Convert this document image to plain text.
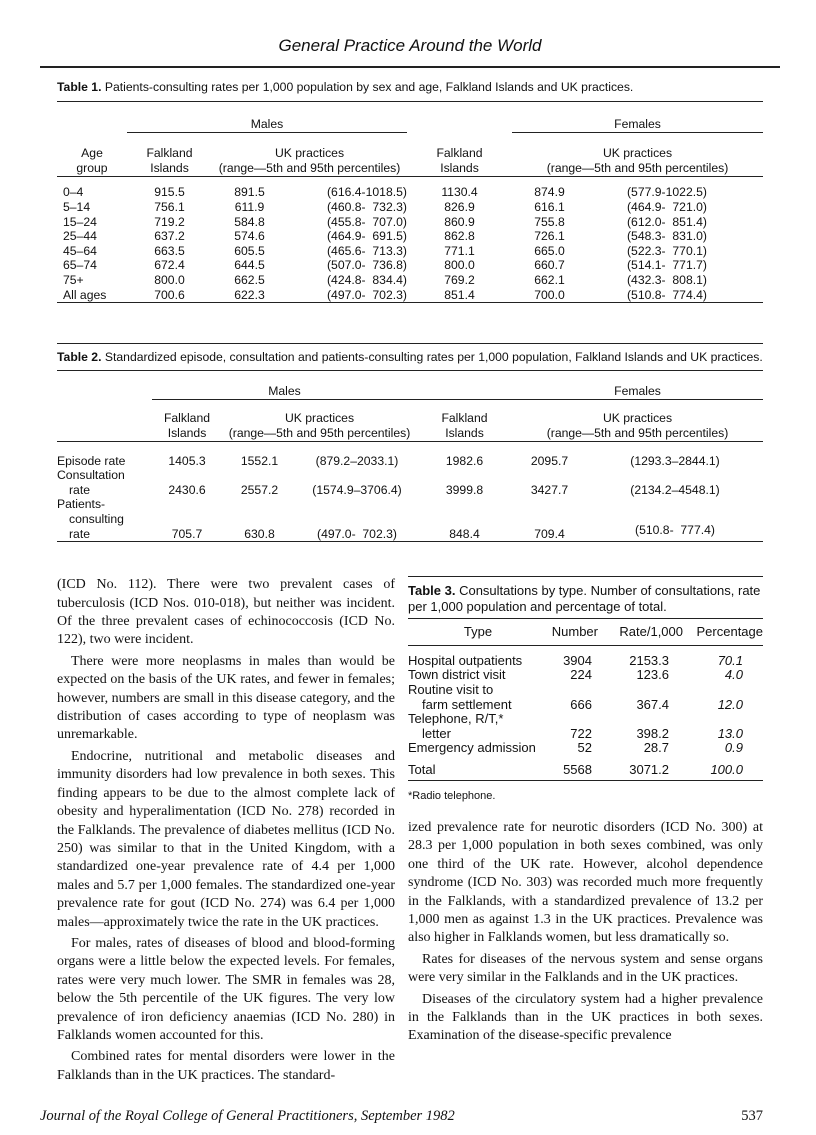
General Practice Around the World
Table 1. Patients-consulting rates per 1,000 population by sex and age, Falkland Islands and UK practices.
	Males				Females	
Age
group	Falkland
Islands	UK practices
(range—5th and 95th percentiles)		Falkland
Islands	UK practices
(range—5th and 95th percentiles)	
0–4	915.5	891.5	(616.4-1018.5)	1130.4	874.9	(577.9-1022.5)
5–14	756.1	611.9	(460.8-  732.3)	826.9	616.1	(464.9-  721.0)
15–24	719.2	584.8	(455.8-  707.0)	860.9	755.8	(612.0-  851.4)
25–44	637.2	574.6	(464.9-  691.5)	862.8	726.1	(548.3-  831.0)
45–64	663.5	605.5	(465.6-  713.3)	771.1	665.0	(522.3-  770.1)
65–74	672.4	644.5	(507.0-  736.8)	800.0	660.7	(514.1-  771.7)
75+	800.0	662.5	(424.8-  834.4)	769.2	662.1	(432.3-  808.1)
All ages	700.6	622.3	(497.0-  702.3)	851.4	700.0	(510.8-  774.4)
Table 2. Standardized episode, consultation and patients-consulting rates per 1,000 population, Falkland Islands and UK practices.
	Males				Females	
	Falkland
Islands	UK practices
(range—5th and 95th percentiles)		Falkland
Islands	UK practices
(range—5th and 95th percentiles)	
Episode rate	1405.3	1552.1	(879.2–2033.1)	1982.6	2095.7	(1293.3–2844.1)
Consultation
rate	2430.6	2557.2	(1574.9–3706.4)	3999.8	3427.7	(2134.2–4548.1)
Patients-
consulting
rate	705.7	630.8	(497.0-  702.3)	848.4	709.4	(510.8-  777.4)

(ICD No. 112). There were two prevalent cases of tuberculosis (ICD Nos. 010-018), but neither was incident. Of the three prevalent cases of echinococcosis (ICD No. 122), two were incident.

There were more neoplasms in males than would be expected on the basis of the UK rates, and fewer in females; however, numbers are small in this disease category, and the distribution of cases according to type of neoplasm was unremarkable.

Endocrine, nutritional and metabolic diseases and immunity disorders had low prevalence in both sexes. This finding appears to be due to the almost complete lack of obesity and hyperalimentation (ICD No. 278) recorded in the Falklands. The prevalence of diabetes mellitus (ICD No. 250) was similar to that in the United Kingdom, with a standardized one-year prevalence rate of 4.4 per 1,000 males and 5.7 per 1,000 females. The standardized one-year prevalence rate for gout (ICD No. 274) was 6.4 per 1,000 males—approximately twice the rate in the UK practices.

For males, rates of diseases of blood and blood-forming organs were a little below the expected levels. For females, rates were very much lower. The SMR in females was 28, below the 5th percentile of the UK figures. The very low prevalence of iron deficiency anaemias (ICD No. 280) in Falklands women accounted for this.

Combined rates for mental disorders were lower in the Falklands than in the UK practices. The standard-

Table 3. Consultations by type. Number of consultations, rate per 1,000 population and percentage of total.
Type	Number	Rate/1,000	Percentage
Hospital outpatients	3904	2153.3	70.1
Town district visit	224	123.6	4.0
Routine visit to
farm settlement	666	367.4	12.0
Telephone, R/T,*
letter	722	398.2	13.0
Emergency admission	52	28.7	0.9
Total	5568	3071.2	100.0
*Radio telephone.

ized prevalence rate for neurotic disorders (ICD No. 300) at 28.3 per 1,000 population in both sexes combined, was only one third of the UK rate. However, alcohol dependence syndrome (ICD No. 303) was recorded much more frequently in the Falklands, with a standardized prevalence of 13.2 per 1,000 men as against 1.3 in the UK practices. Prevalence was also higher in Falklands women, but less dramatically so.

Rates for diseases of the nervous system and sense organs were very similar in the Falklands and in the UK practices.

Diseases of the circulatory system had a higher prevalence in the Falklands than in the UK practices in both sexes. Examination of the disease-specific prevalence

Journal of the Royal College of General Practitioners, September 1982	537
